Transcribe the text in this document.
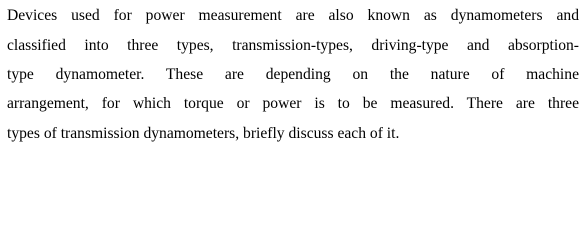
Devices used for power measurement are also known as dynamometers and
classified into three types, transmission-types, driving-type and absorption-
type dynamometer. These are depending on the nature of machine
arrangement, for which torque or power is to be measured. There are three
types of transmission dynamometers, briefly discuss each of it.
